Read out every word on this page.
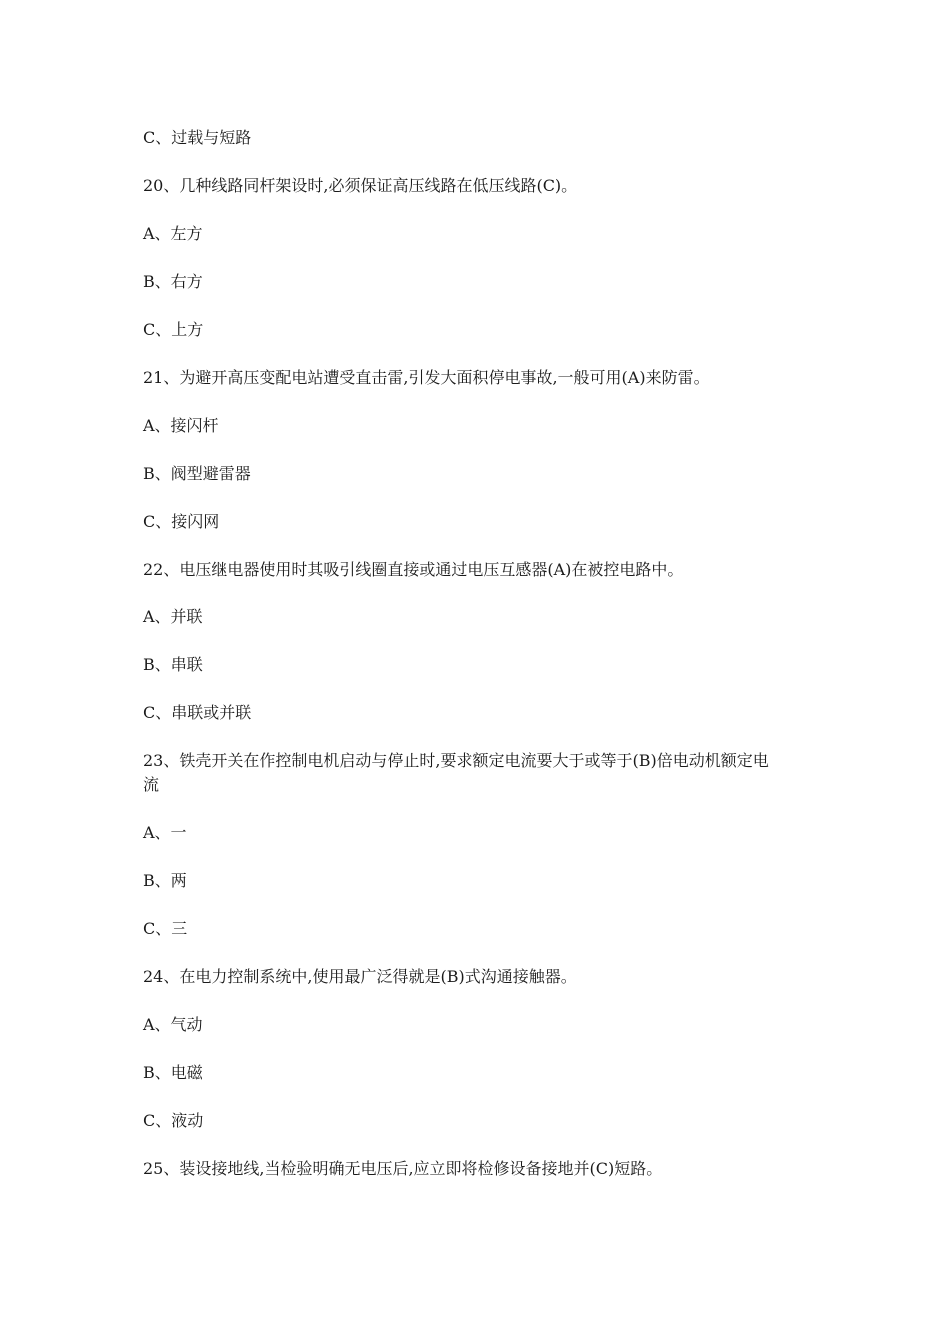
C、过载与短路

20、几种线路同杆架设时,必须保证高压线路在低压线路(C)。

A、左方

B、右方

C、上方

21、为避开高压变配电站遭受直击雷,引发大面积停电事故,一般可用(A)来防雷。

A、接闪杆

B、阀型避雷器

C、接闪网

22、电压继电器使用时其吸引线圈直接或通过电压互感器(A)在被控电路中。

A、并联

B、串联

C、串联或并联

23、铁壳开关在作控制电机启动与停止时,要求额定电流要大于或等于(B)倍电动机额定电

流

A、一

B、两

C、三

24、在电力控制系统中,使用最广泛得就是(B)式沟通接触器。

A、气动

B、电磁

C、液动

25、装设接地线,当检验明确无电压后,应立即将检修设备接地并(C)短路。
